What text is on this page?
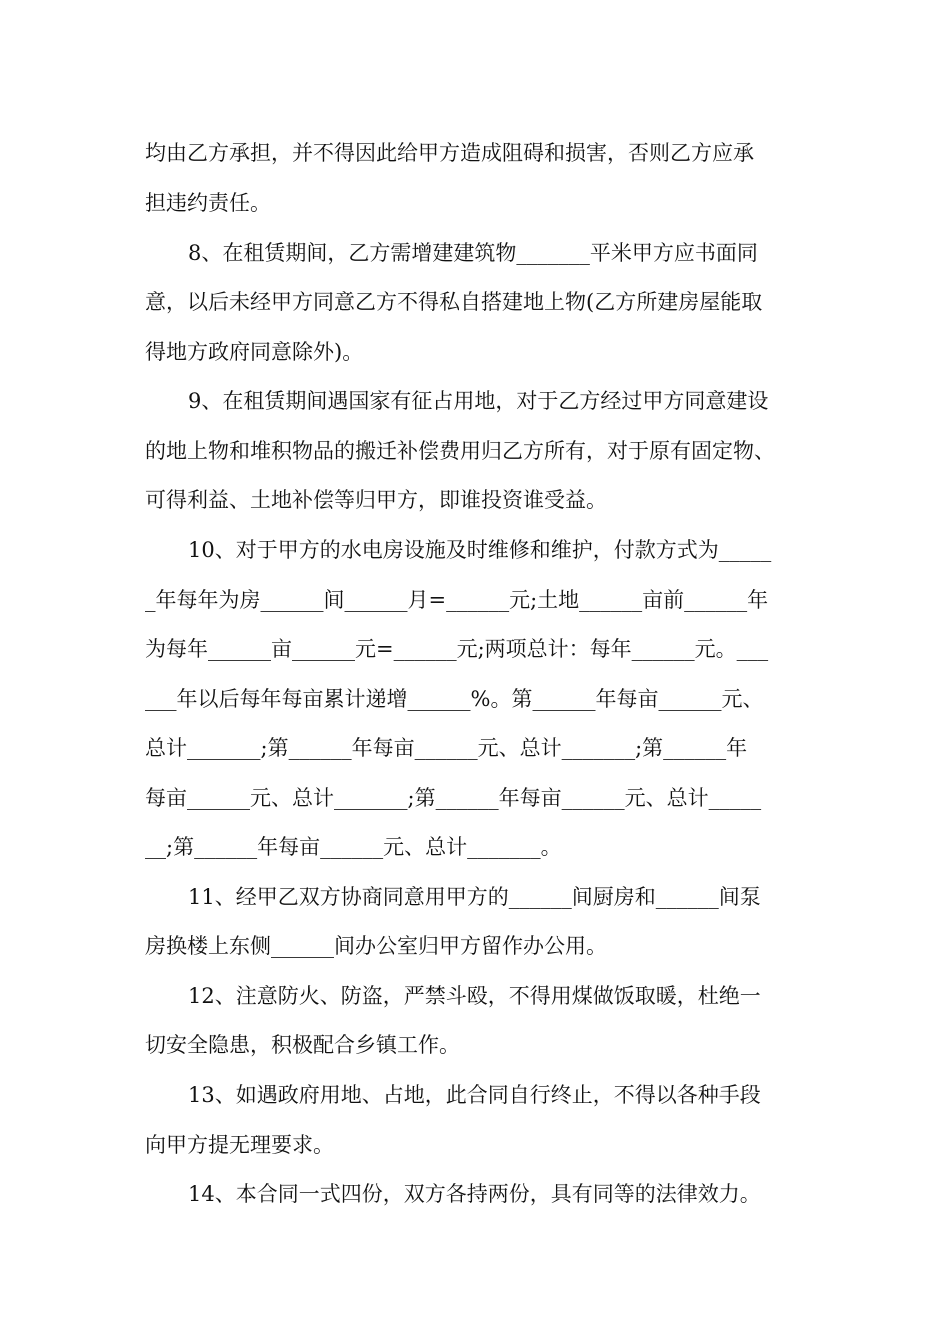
均由乙方承担，并不得因此给甲方造成阻碍和损害，否则乙方应承
担违约责任。
8、在租赁期间，乙方需增建建筑物_______平米甲方应书面同
意，以后未经甲方同意乙方不得私自搭建地上物(乙方所建房屋能取
得地方政府同意除外)。
9、在租赁期间遇国家有征占用地，对于乙方经过甲方同意建设
的地上物和堆积物品的搬迁补偿费用归乙方所有，对于原有固定物、
可得利益、土地补偿等归甲方，即谁投资谁受益。
10、对于甲方的水电房设施及时维修和维护，付款方式为_____
_年每年为房______间______月=______元;土地______亩前______年
为每年______亩______元=______元;两项总计：每年______元。___
___年以后每年每亩累计递增______%。第______年每亩______元、
总计_______;第______年每亩______元、总计_______;第______年
每亩______元、总计_______;第______年每亩______元、总计_____
__;第______年每亩______元、总计_______。
11、经甲乙双方协商同意用甲方的______间厨房和______间泵
房换楼上东侧______间办公室归甲方留作办公用。
12、注意防火、防盗，严禁斗殴，不得用煤做饭取暖，杜绝一
切安全隐患，积极配合乡镇工作。
13、如遇政府用地、占地，此合同自行终止，不得以各种手段
向甲方提无理要求。
14、本合同一式四份，双方各持两份，具有同等的法律效力。
